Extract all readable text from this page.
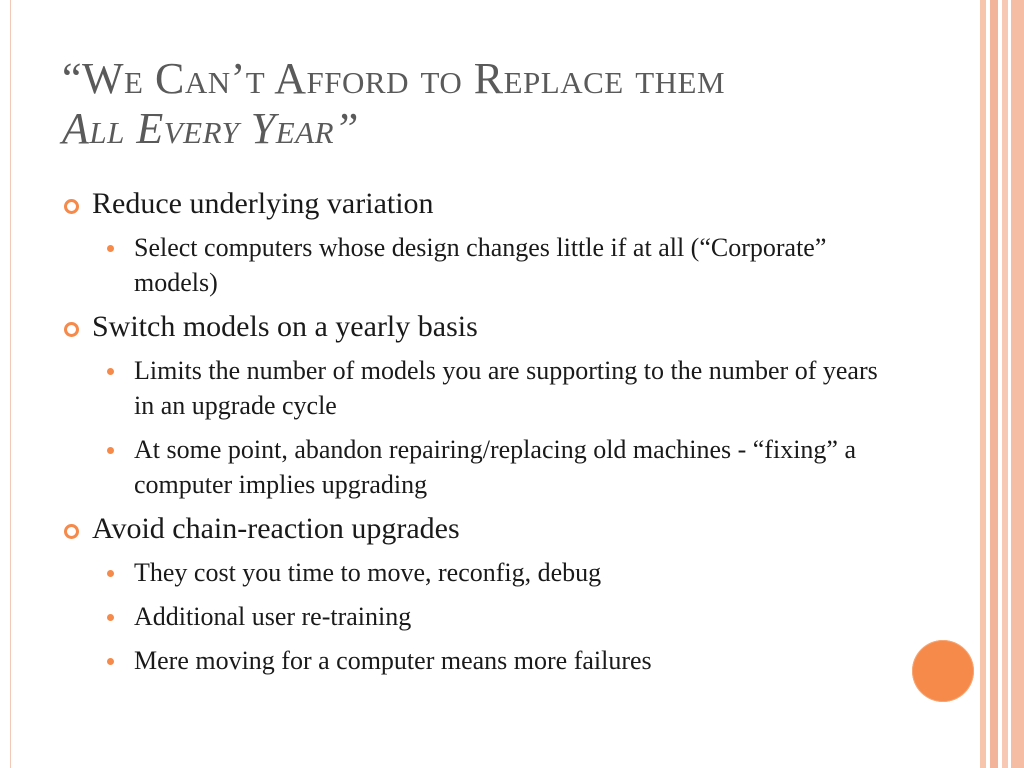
“We Can’t Afford to Replace them
All Every Year”
Reduce underlying variation
Select computers whose design changes little if at all (“Corporate” models)
Switch models on a yearly basis
Limits the number of models you are supporting to the number of years in an upgrade cycle
At some point, abandon repairing/replacing old machines - “fixing” a computer implies upgrading
Avoid chain-reaction upgrades
They cost you time to move, reconfig, debug
Additional user re-training
Mere moving for a computer means more failures
